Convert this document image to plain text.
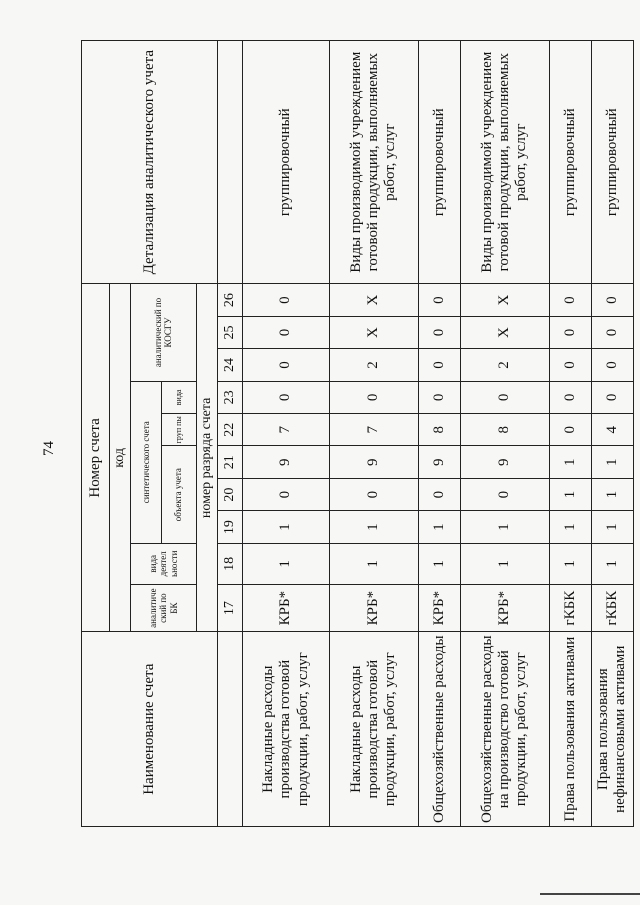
74
Наименование счета	Номер счета										Детализация аналитического учета
	код										
	аналитиче ский по БК	вида деятел ьности	синтетического счета					аналитический по КОСГУ			
			объекта учета			груп пы	вида				

	номер разряда счета										
	17	18	19	20	21	22	23	24	25	26	
Накладные расходы производства готовой продукции, работ, услуг	КРБ*	1	1	0	9	7	0	0	0	0	группировочный
Накладные расходы производства готовой продукции, работ, услуг	КРБ*	1	1	0	9	7	0	2	X	X	Виды производимой учреждением готовой продукции, выполняемых работ, услуг
Общехозяйственные расходы	КРБ*	1	1	0	9	8	0	0	0	0	группировочный
Общехозяйственные расходы на производство готовой продукции, работ, услуг	КРБ*	1	1	0	9	8	0	2	X	X	Виды производимой учреждением готовой продукции, выполняемых работ, услуг
Права пользования активами	гКБК	1	1	1	1	0	0	0	0	0	группировочный
Права пользования нефинансовыми активами	гКБК	1	1	1	1	4	0	0	0	0	группировочный
